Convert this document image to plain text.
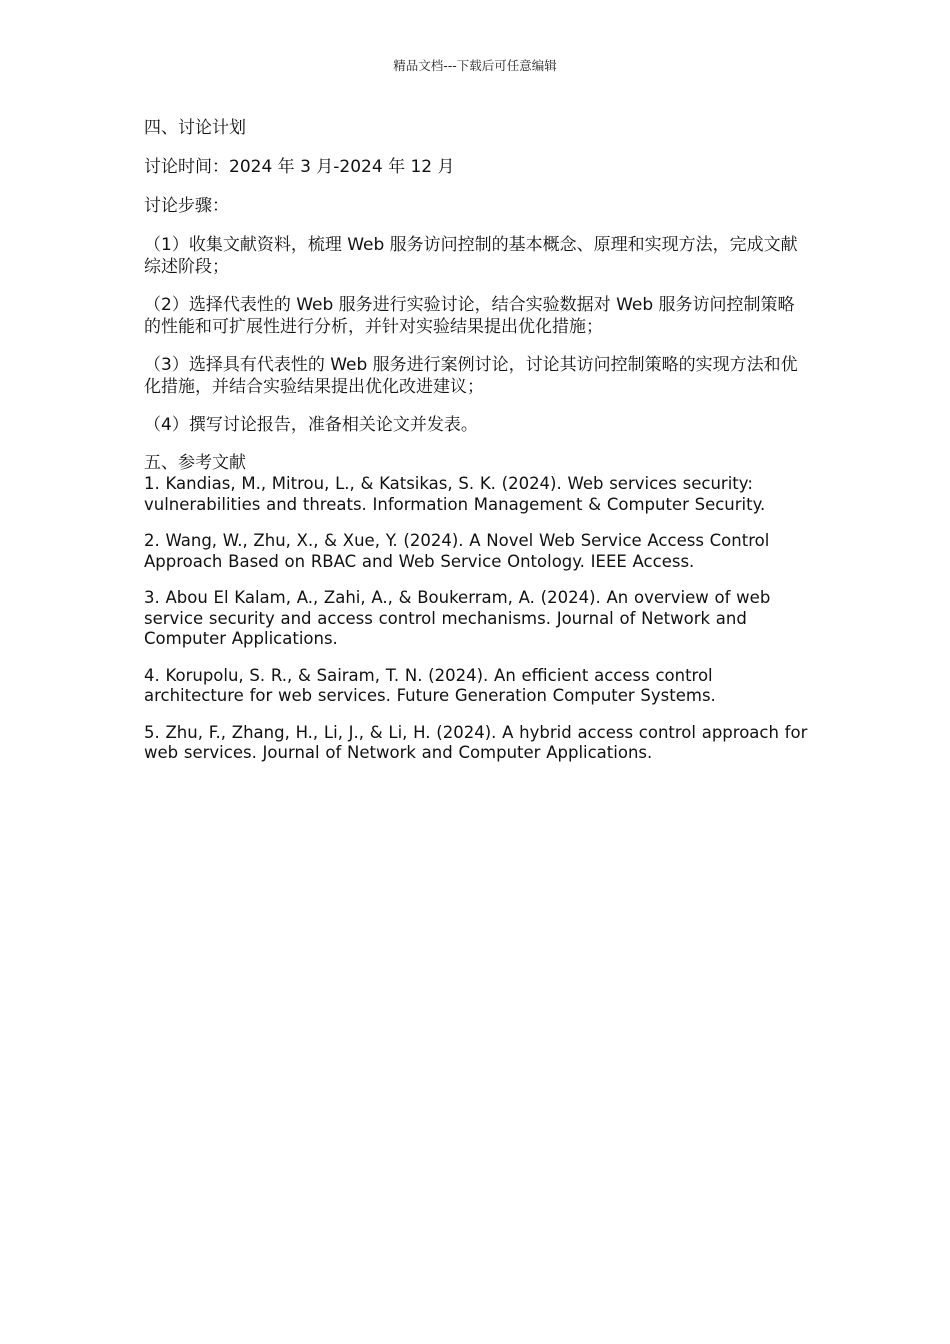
精品文档---下载后可任意编辑

四、讨论计划

讨论时间：2024 年 3 月-2024 年 12 月

讨论步骤：

（1）收集文献资料，梳理 Web 服务访问控制的基本概念、原理和实现方法，完成文献综述阶段；

（2）选择代表性的 Web 服务进行实验讨论，结合实验数据对 Web 服务访问控制策略的性能和可扩展性进行分析，并针对实验结果提出优化措施；

（3）选择具有代表性的 Web 服务进行案例讨论，讨论其访问控制策略的实现方法和优化措施，并结合实验结果提出优化改进建议；

（4）撰写讨论报告，准备相关论文并发表。

五、参考文献

1. Kandias, M., Mitrou, L., & Katsikas, S. K. (2024). Web services security: vulnerabilities and threats. Information Management & Computer Security.

2. Wang, W., Zhu, X., & Xue, Y. (2024). A Novel Web Service Access Control Approach Based on RBAC and Web Service Ontology. IEEE Access.

3. Abou El Kalam, A., Zahi, A., & Boukerram, A. (2024). An overview of web service security and access control mechanisms. Journal of Network and Computer Applications.

4. Korupolu, S. R., & Sairam, T. N. (2024). An efficient access control architecture for web services. Future Generation Computer Systems.

5. Zhu, F., Zhang, H., Li, J., & Li, H. (2024). A hybrid access control approach for web services. Journal of Network and Computer Applications.
